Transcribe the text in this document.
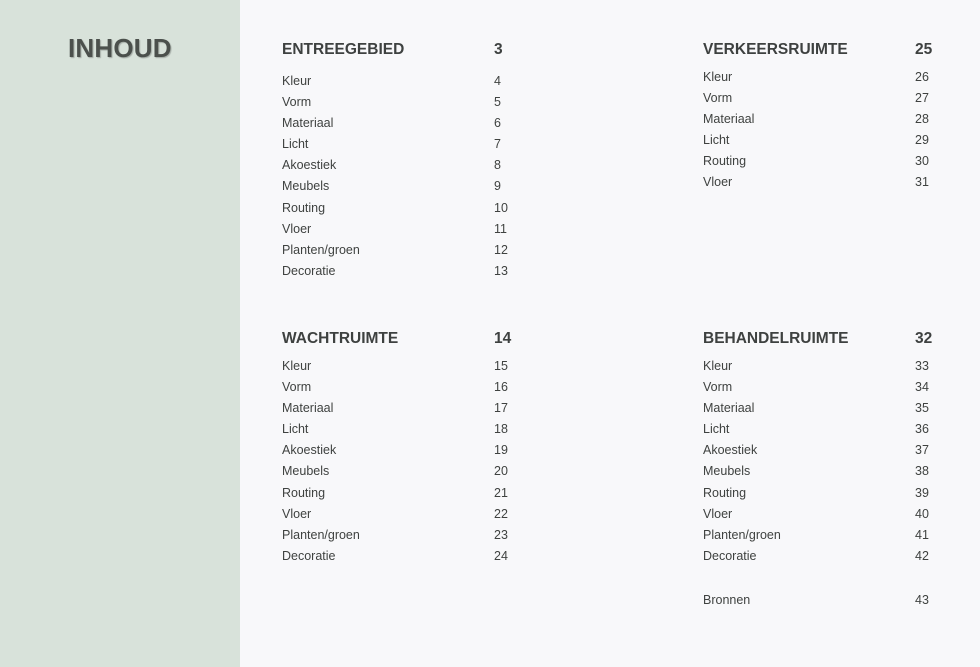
INHOUD	ENTREEGEBIED	3
Kleur	4
Vorm	5
Materiaal	6
Licht	7
Akoestiek	8
Meubels	9
Routing	10
Vloer	11
Planten/groen	12
Decoratie	13
VERKEERSRUIMTE	25
Kleur	26
Vorm	27
Materiaal	28
Licht	29
Routing	30
Vloer	31
WACHTRUIMTE	14
Kleur	15
Vorm	16
Materiaal	17
Licht	18
Akoestiek	19
Meubels	20
Routing	21
Vloer	22
Planten/groen	23
Decoratie	24
BEHANDELRUIMTE	32
Kleur	33
Vorm	34
Materiaal	35
Licht	36
Akoestiek	37
Meubels	38
Routing	39
Vloer	40
Planten/groen	41
Decoratie	42
Bronnen	43
